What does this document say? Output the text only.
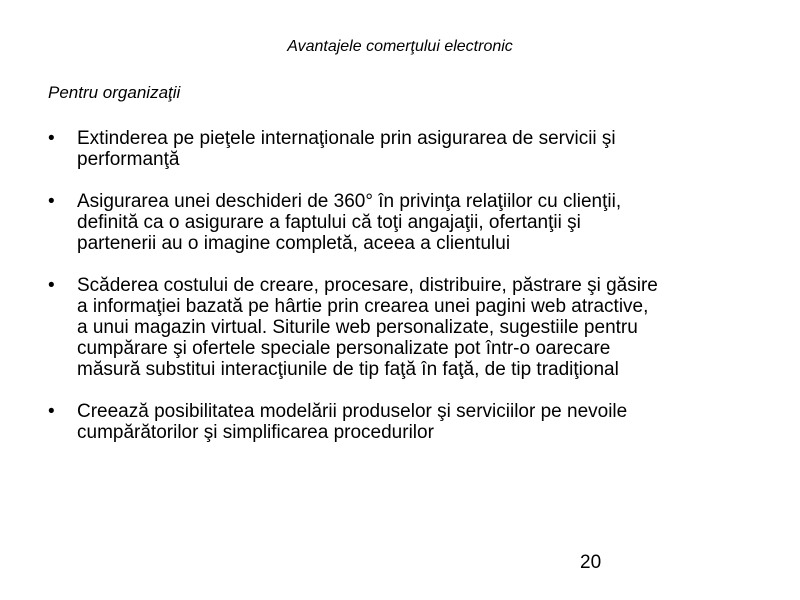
Avantajele comerţului electronic
Pentru organizaţii
•	Extinderea pe pieţele internaţionale prin asigurarea de servicii şi
performanţă
•	Asigurarea unei deschideri de 360° în privinţa relaţiilor cu clienţii,
definită ca o asigurare a faptului că toţi angajaţii, ofertanţii şi
partenerii au o imagine completă, aceea a clientului
•	Scăderea costului de creare, procesare, distribuire, păstrare şi găsire
a informaţiei bazată pe hârtie prin crearea unei pagini web atractive,
a unui magazin virtual. Siturile web personalizate, sugestiile pentru
cumpărare şi ofertele speciale personalizate pot într-o oarecare
măsură substitui interacţiunile de tip faţă în faţă, de tip tradiţional
•	Creează posibilitatea modelării produselor şi serviciilor pe nevoile
cumpărătorilor şi simplificarea procedurilor
20
